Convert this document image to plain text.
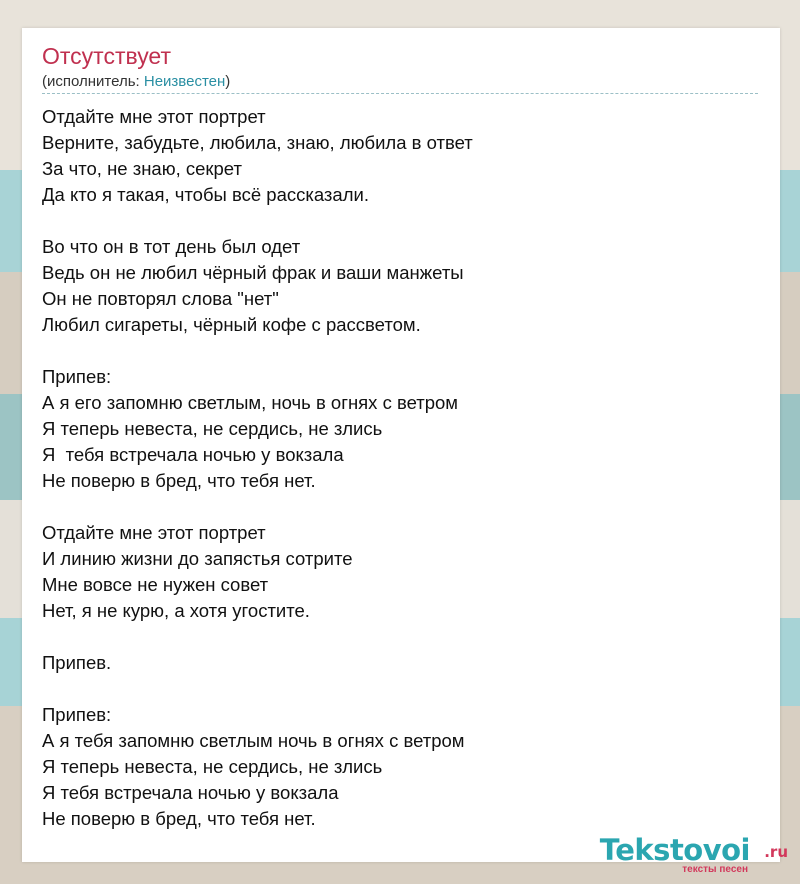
Отсутствует
(исполнитель: Неизвестен)
Отдайте мне этот портрет
Верните, забудьте, любила, знаю, любила в ответ
За что, не знаю, секрет
Да кто я такая, чтобы всё рассказали.
Во что он в тот день был одет
Ведь он не любил чёрный фрак и ваши манжеты
Он не повторял слова "нет"
Любил сигареты, чёрный кофе с рассветом.
Припев:
А я его запомню светлым, ночь в огнях с ветром
Я теперь невеста, не сердись, не злись
Я  тебя встречала ночью у вокзала
Не поверю в бред, что тебя нет.
Отдайте мне этот портрет
И линию жизни до запястья сотрите
Мне вовсе не нужен совет
Нет, я не курю, а хотя угостите.
Припев.
Припев:
А я тебя запомню светлым ночь в огнях с ветром
Я теперь невеста, не сердись, не злись
Я тебя встречала ночью у вокзала
Не поверю в бред, что тебя нет.
Tekstovoi .ru
тексты песен
